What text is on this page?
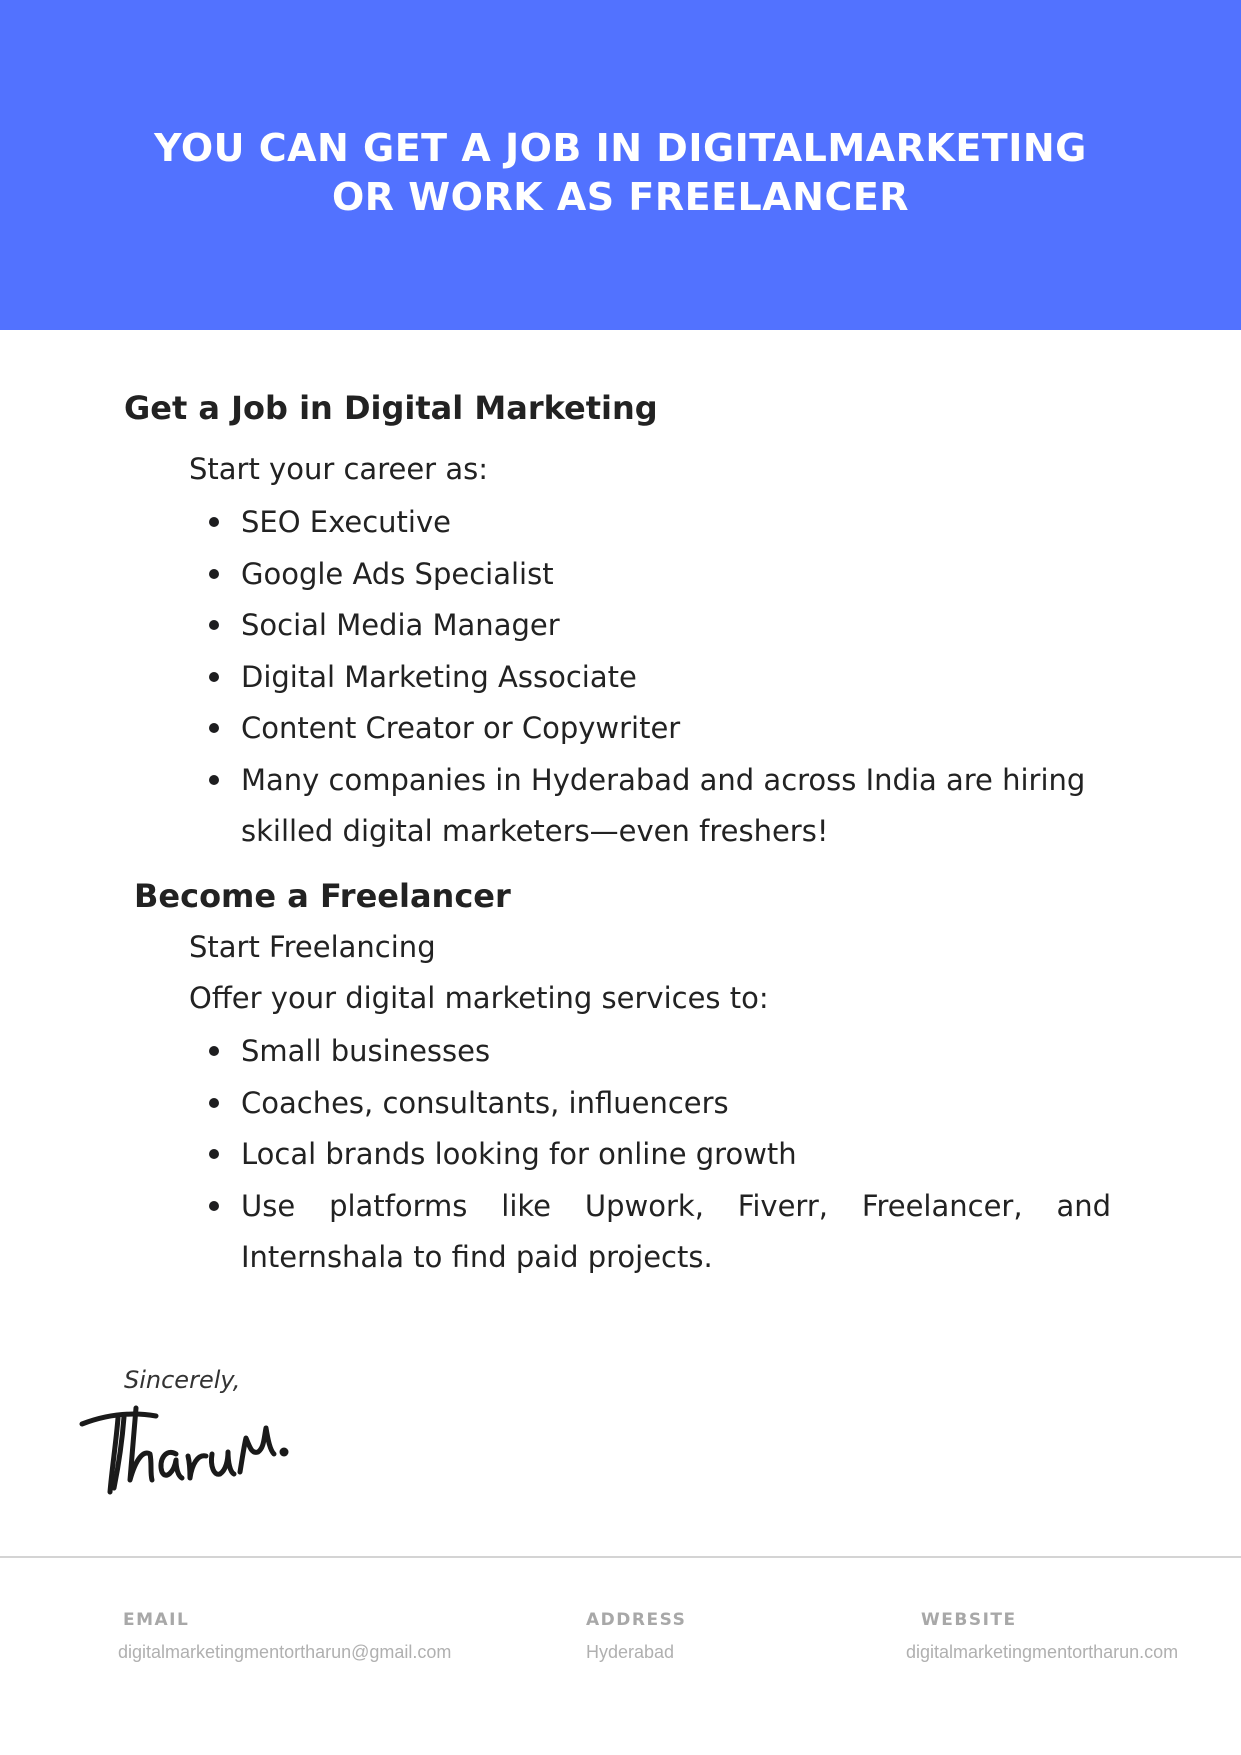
YOU CAN GET A JOB IN DIGITALMARKETING
OR WORK AS FREELANCER
Get a Job in Digital Marketing

Start your career as:

SEO Executive
Google Ads Specialist
Social Media Manager
Digital Marketing Associate
Content Creator or Copywriter
Many companies in Hyderabad and across India are hiring skilled digital marketers—even freshers!
Become a Freelancer

Start Freelancing

Offer your digital marketing services to:

Small businesses
Coaches, consultants, influencers
Local brands looking for online growth
Use platforms like Upwork, Fiverr, Freelancer, and Internshala to find paid projects.
Sincerely,
EMAIL
digitalmarketingmentortharun@gmail.com
ADDRESS
Hyderabad
WEBSITE
digitalmarketingmentortharun.com
